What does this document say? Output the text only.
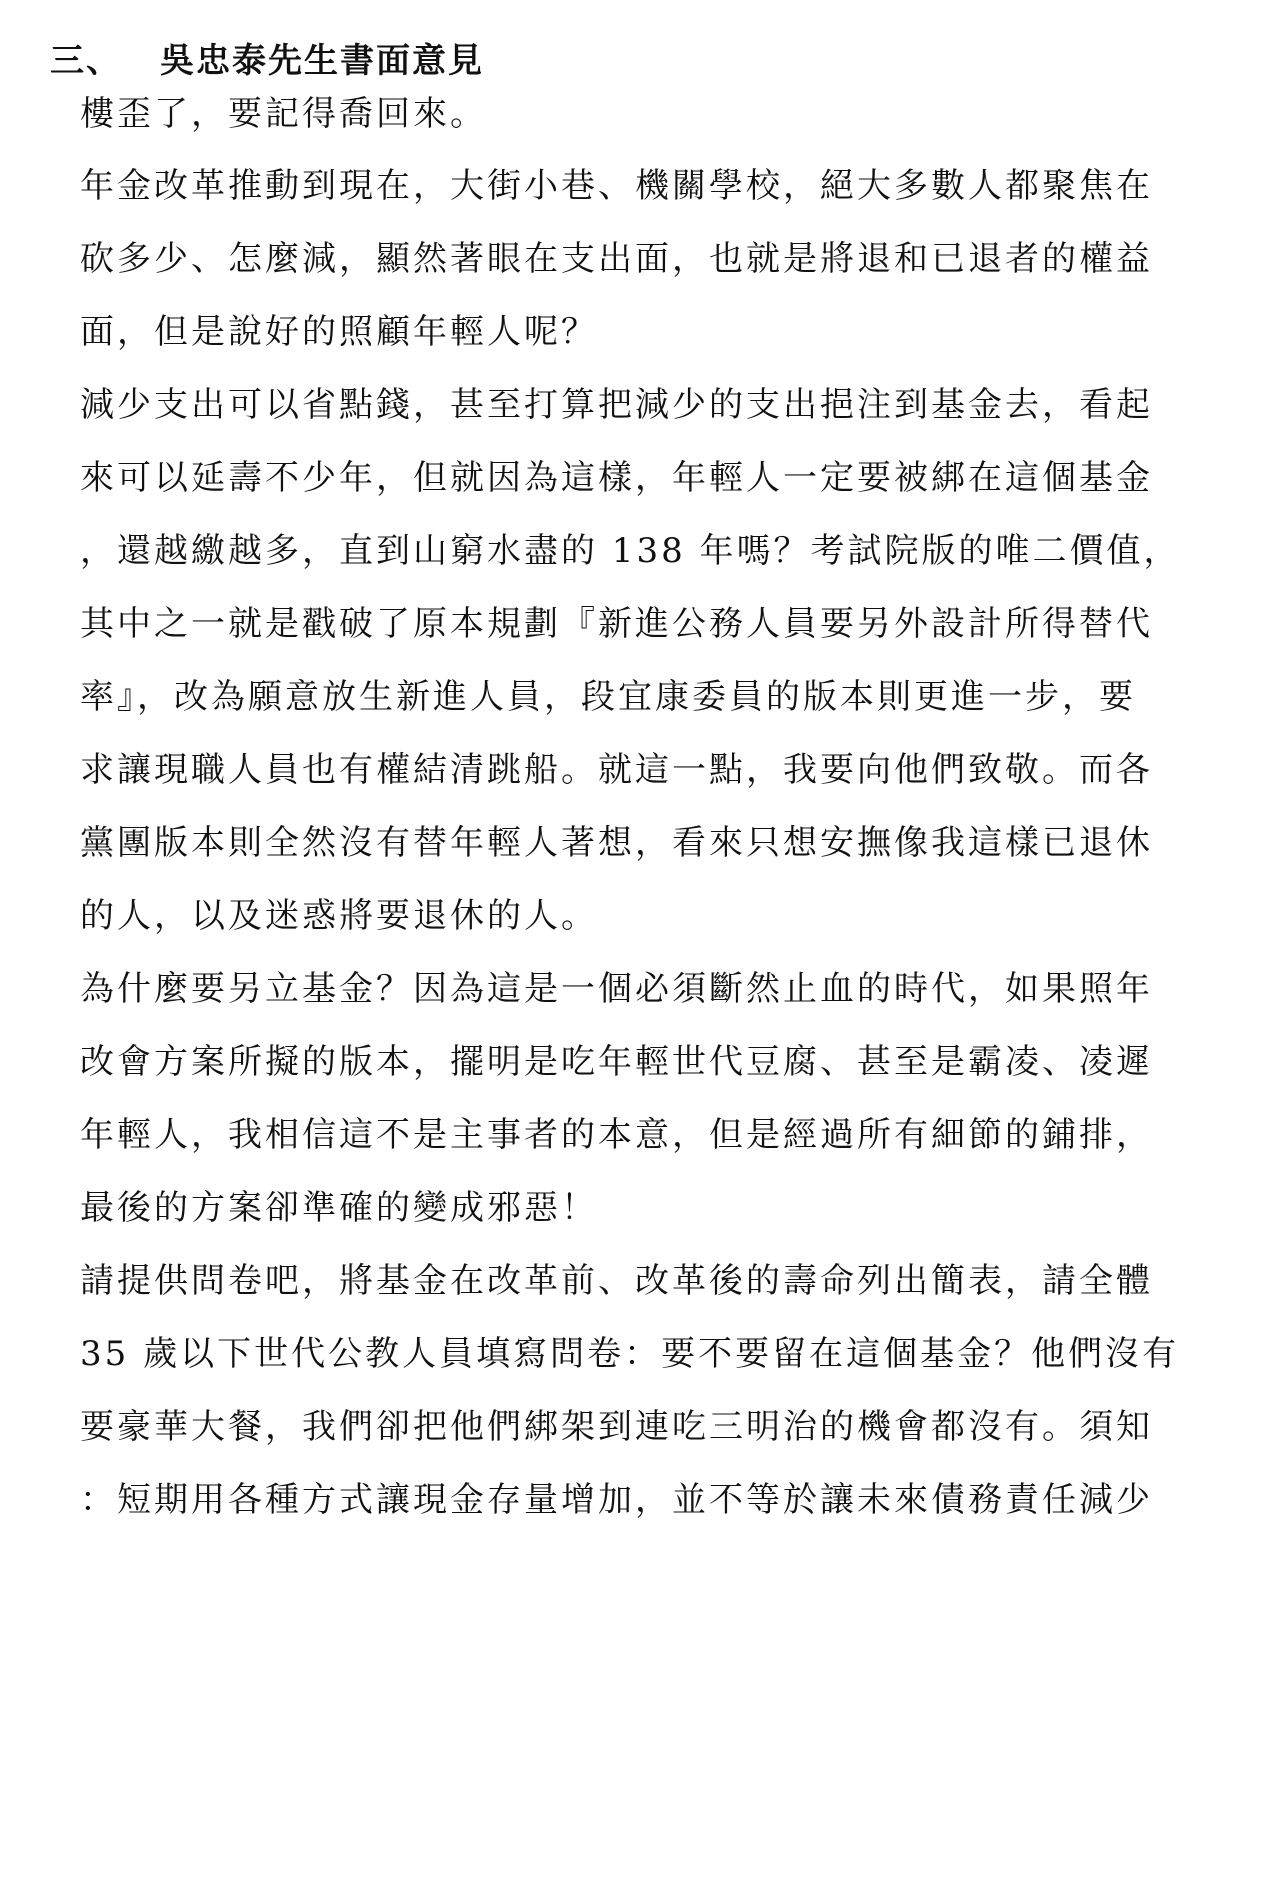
三、 吳忠泰先生書面意見
樓歪了，要記得喬回來。
年金改革推動到現在，大街小巷、機關學校，絕大多數人都聚焦在
砍多少、怎麼減，顯然著眼在支出面，也就是將退和已退者的權益
面，但是說好的照顧年輕人呢？
減少支出可以省點錢，甚至打算把減少的支出挹注到基金去，看起
來可以延壽不少年，但就因為這樣，年輕人一定要被綁在這個基金
，還越繳越多，直到山窮水盡的 138 年嗎？考試院版的唯二價值，
其中之一就是戳破了原本規劃『新進公務人員要另外設計所得替代
率』，改為願意放生新進人員，段宜康委員的版本則更進一步，要
求讓現職人員也有權結清跳船。就這一點，我要向他們致敬。而各
黨團版本則全然沒有替年輕人著想，看來只想安撫像我這樣已退休
的人，以及迷惑將要退休的人。
為什麼要另立基金？因為這是一個必須斷然止血的時代，如果照年
改會方案所擬的版本，擺明是吃年輕世代豆腐、甚至是霸凌、凌遲
年輕人，我相信這不是主事者的本意，但是經過所有細節的鋪排，
最後的方案卻準確的變成邪惡！
請提供問卷吧，將基金在改革前、改革後的壽命列出簡表，請全體
35 歲以下世代公教人員填寫問卷：要不要留在這個基金？他們沒有
要豪華大餐，我們卻把他們綁架到連吃三明治的機會都沒有。須知
：短期用各種方式讓現金存量增加，並不等於讓未來債務責任減少
